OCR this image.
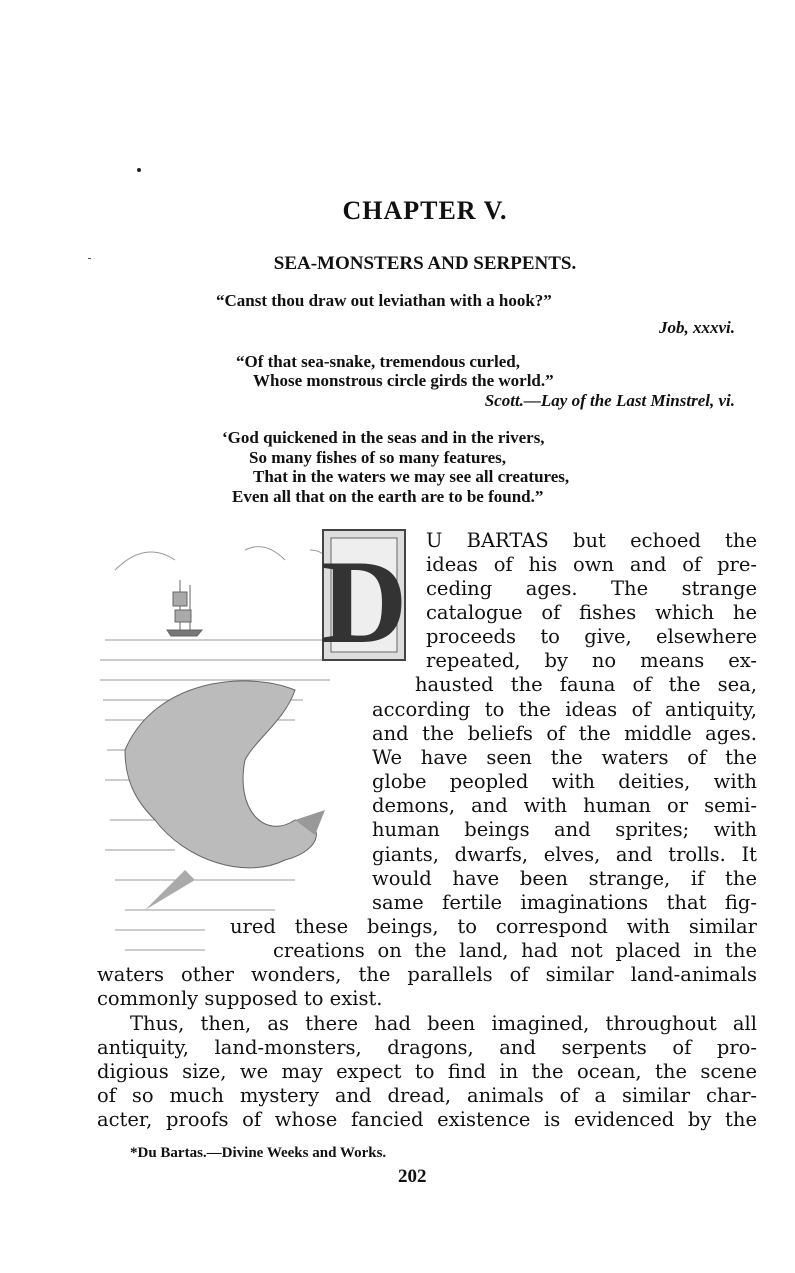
CHAPTER V.
SEA-MONSTERS AND SERPENTS.
“Canst thou draw out leviathan with a hook?”
Job, xxxvi.
“Of that sea-snake, tremendous curled,
Whose monstrous circle girds the world.”
Scott.—Lay of the Last Minstrel, vi.
‘God quickened in the seas and in the rivers,
So many fishes of so many features,
That in the waters we may see all creatures,
Even all that on the earth are to be found.”
D U BARTAS but echoed the
ideas of his own and of pre-
ceding ages. The strange
catalogue of fishes which he
proceeds to give, elsewhere
repeated, by no means ex-
hausted the fauna of the sea,
according to the ideas of antiquity,
and the beliefs of the middle ages.
We have seen the waters of the
globe peopled with deities, with
demons, and with human or semi-
human beings and sprites; with
giants, dwarfs, elves, and trolls. It
would have been strange, if the
same fertile imaginations that fig-
ured these beings, to correspond with similar
creations on the land, had not placed in the
waters other wonders, the parallels of similar land-animals
commonly supposed to exist.
Thus, then, as there had been imagined, throughout all
antiquity, land-monsters, dragons, and serpents of pro-
digious size, we may expect to find in the ocean, the scene
of so much mystery and dread, animals of a similar char-
acter, proofs of whose fancied existence is evidenced by the
*Du Bartas.—Divine Weeks and Works.
202
